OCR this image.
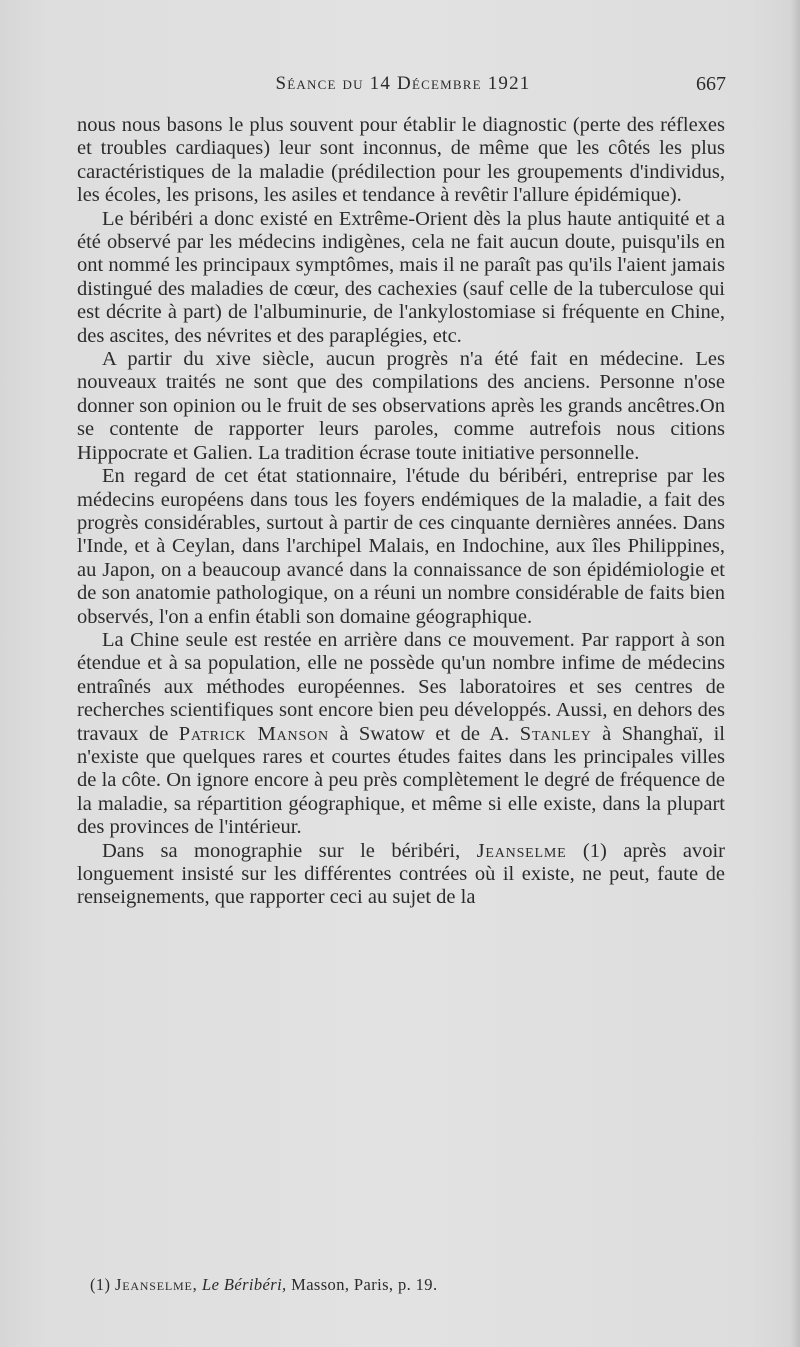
Séance du 14 Décembre 1921	667

nous nous basons le plus souvent pour établir le diagnostic (perte des réflexes et troubles cardiaques) leur sont inconnus, de même que les côtés les plus caractéristiques de la maladie (prédilection pour les groupements d'individus, les écoles, les prisons, les asiles et tendance à revêtir l'allure épidémique).

Le béribéri a donc existé en Extrême-Orient dès la plus haute antiquité et a été observé par les médecins indigènes, cela ne fait aucun doute, puisqu'ils en ont nommé les principaux symptômes, mais il ne paraît pas qu'ils l'aient jamais distingué des maladies de cœur, des cachexies (sauf celle de la tuberculose qui est décrite à part) de l'albuminurie, de l'ankylostomiase si fréquente en Chine, des ascites, des névrites et des paraplégies, etc.

A partir du xive siècle, aucun progrès n'a été fait en médecine. Les nouveaux traités ne sont que des compilations des anciens. Personne n'ose donner son opinion ou le fruit de ses observations après les grands ancêtres.On se contente de rapporter leurs paroles, comme autrefois nous citions Hippocrate et Galien. La tradition écrase toute initiative personnelle.

En regard de cet état stationnaire, l'étude du béribéri, entreprise par les médecins européens dans tous les foyers endémiques de la maladie, a fait des progrès considérables, surtout à partir de ces cinquante dernières années. Dans l'Inde, et à Ceylan, dans l'archipel Malais, en Indochine, aux îles Philippines, au Japon, on a beaucoup avancé dans la connaissance de son épidémiologie et de son anatomie pathologique, on a réuni un nombre considérable de faits bien observés, l'on a enfin établi son domaine géographique.

La Chine seule est restée en arrière dans ce mouvement. Par rapport à son étendue et à sa population, elle ne possède qu'un nombre infime de médecins entraînés aux méthodes européennes. Ses laboratoires et ses centres de recherches scientifiques sont encore bien peu développés. Aussi, en dehors des travaux de Patrick Manson à Swatow et de A. Stanley à Shanghaï, il n'existe que quelques rares et courtes études faites dans les principales villes de la côte. On ignore encore à peu près complètement le degré de fréquence de la maladie, sa répartition géographique, et même si elle existe, dans la plupart des provinces de l'intérieur.

Dans sa monographie sur le béribéri, Jeanselme (1) après avoir longuement insisté sur les différentes contrées où il existe, ne peut, faute de renseignements, que rapporter ceci au sujet de la

(1) Jeanselme, Le Béribéri, Masson, Paris, p. 19.
